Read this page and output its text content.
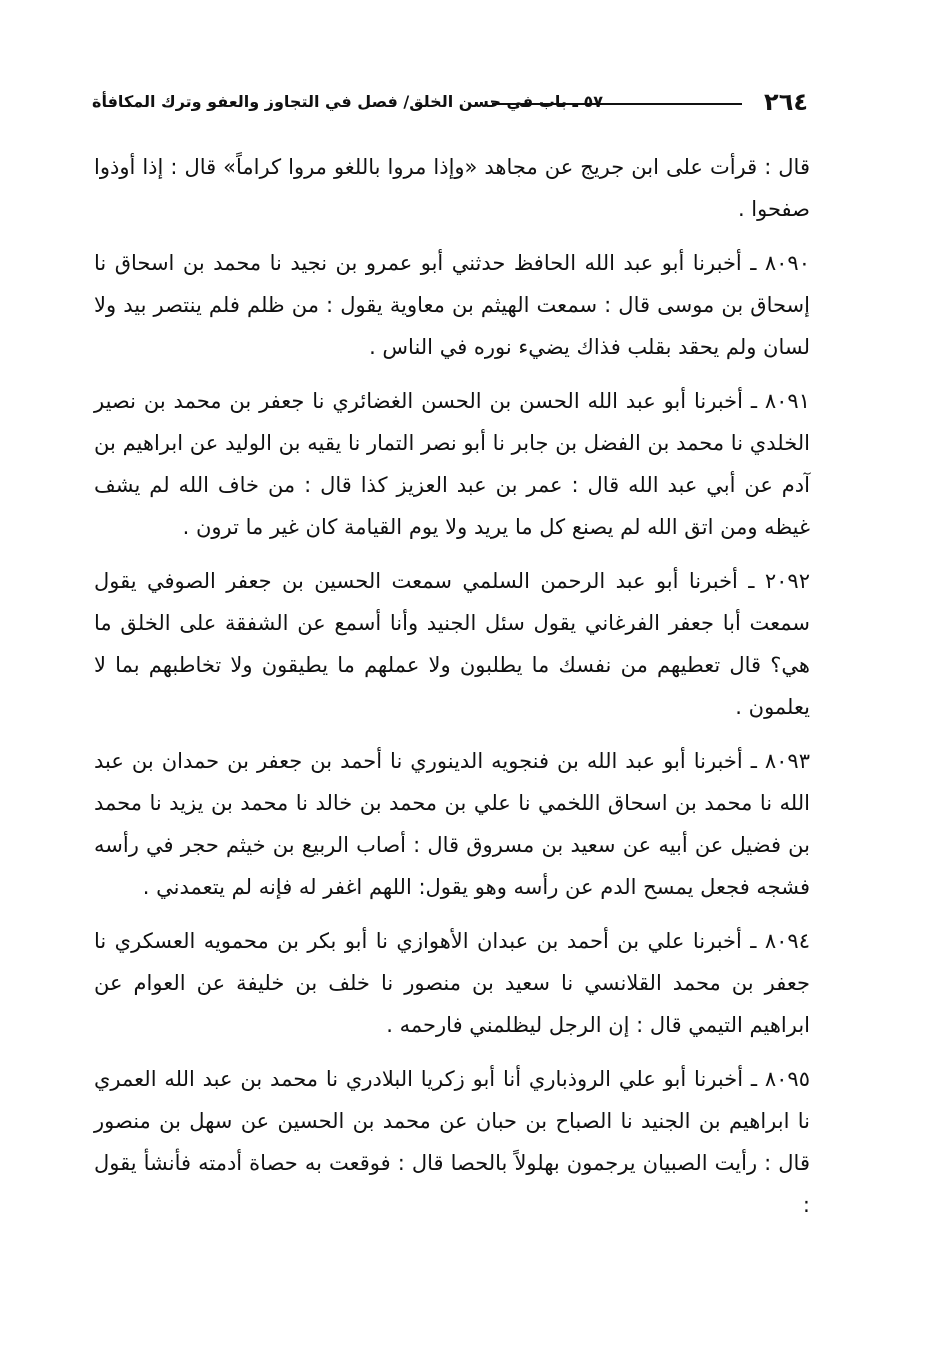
٢٦٤
٥٧ ـ باب في حسن الخلق/ فصل في التجاوز والعفو وترك المكافأة

قال : قرأت على ابن جريج عن مجاهد «وإذا مروا باللغو مروا كراماً» قال : إذا أوذوا صفحوا .

٨٠٩٠ ـ أخبرنا أبو عبد الله الحافظ حدثني أبو عمرو بن نجيد نا محمد بن اسحاق نا إسحاق بن موسى قال : سمعت الهيثم بن معاوية يقول : من ظلم فلم ينتصر بيد ولا لسان ولم يحقد بقلب فذاك يضيء نوره في الناس .

٨٠٩١ ـ أخبرنا أبو عبد الله الحسن بن الحسن الغضائري نا جعفر بن محمد بن نصير الخلدي نا محمد بن الفضل بن جابر نا أبو نصر التمار نا يقيه بن الوليد عن ابراهيم بن آدم عن أبي عبد الله قال : عمر بن عبد العزيز كذا قال : من خاف الله لم يشف غيظه ومن اتق الله لم يصنع كل ما يريد ولا يوم القيامة كان غير ما ترون .

٢٠٩٢ ـ أخبرنا أبو عبد الرحمن السلمي سمعت الحسين بن جعفر الصوفي يقول سمعت أبا جعفر الفرغاني يقول سئل الجنيد وأنا أسمع عن الشفقة على الخلق ما هي؟ قال تعطيهم من نفسك ما يطلبون ولا عملهم ما يطيقون ولا تخاطبهم بما لا يعلمون .

٨٠٩٣ ـ أخبرنا أبو عبد الله بن فنجويه الدينوري نا أحمد بن جعفر بن حمدان بن عبد الله نا محمد بن اسحاق اللخمي نا علي بن محمد بن خالد نا محمد بن يزيد نا محمد بن فضيل عن أبيه عن سعيد بن مسروق قال : أصاب الربيع بن خيثم حجر في رأسه فشجه فجعل يمسح الدم عن رأسه وهو يقول: اللهم اغفر له فإنه لم يتعمدني .

٨٠٩٤ ـ أخبرنا علي بن أحمد بن عبدان الأهوازي نا أبو بكر بن محمويه العسكري نا جعفر بن محمد القلانسي نا سعيد بن منصور نا خلف بن خليفة عن العوام عن ابراهيم التيمي قال : إن الرجل ليظلمني فارحمه .

٨٠٩٥ ـ أخبرنا أبو علي الروذباري أنا أبو زكريا البلادري نا محمد بن عبد الله العمري نا ابراهيم بن الجنيد نا الصباح بن حبان عن محمد بن الحسين عن سهل بن منصور قال : رأيت الصبيان يرجمون بهلولاً بالحصا قال : فوقعت به حصاة أدمته فأنشأ يقول :
